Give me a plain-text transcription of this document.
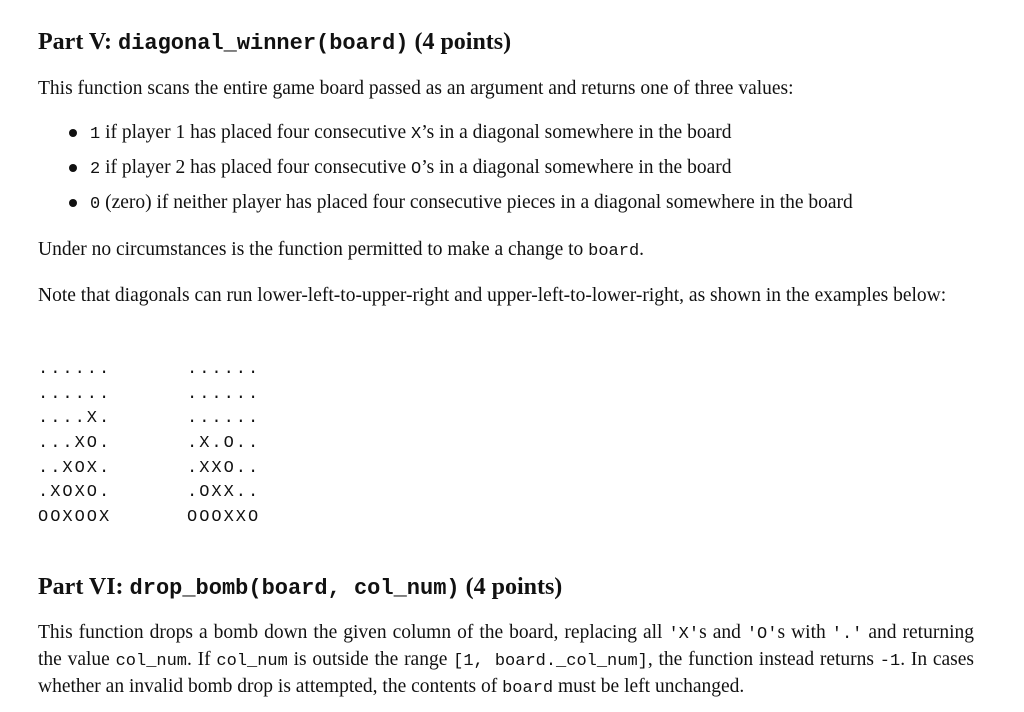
Part V: diagonal_winner(board) (4 points)

This function scans the entire game board passed as an argument and returns one of three values:

1 if player 1 has placed four consecutive X’s in a diagonal somewhere in the board
2 if player 2 has placed four consecutive O’s in a diagonal somewhere in the board
0 (zero) if neither player has placed four consecutive pieces in a diagonal somewhere in the board

Under no circumstances is the function permitted to make a change to board.

Note that diagonals can run lower-left-to-upper-right and upper-left-to-lower-right, as shown in the examples below:

......
......
....X.
...XO.
..XOX.
.XOXO.
OOXOOX
......
......
......
.X.O..
.XXO..
.OXX..
OOOXXO
Part VI: drop_bomb(board, col_num) (4 points)

This function drops a bomb down the given column of the board, replacing all 'X's and 'O's with '.' and returning the value col_num. If col_num is outside the range [1, board._col_num], the function instead returns -1. In cases whether an invalid bomb drop is attempted, the contents of board must be left unchanged.
